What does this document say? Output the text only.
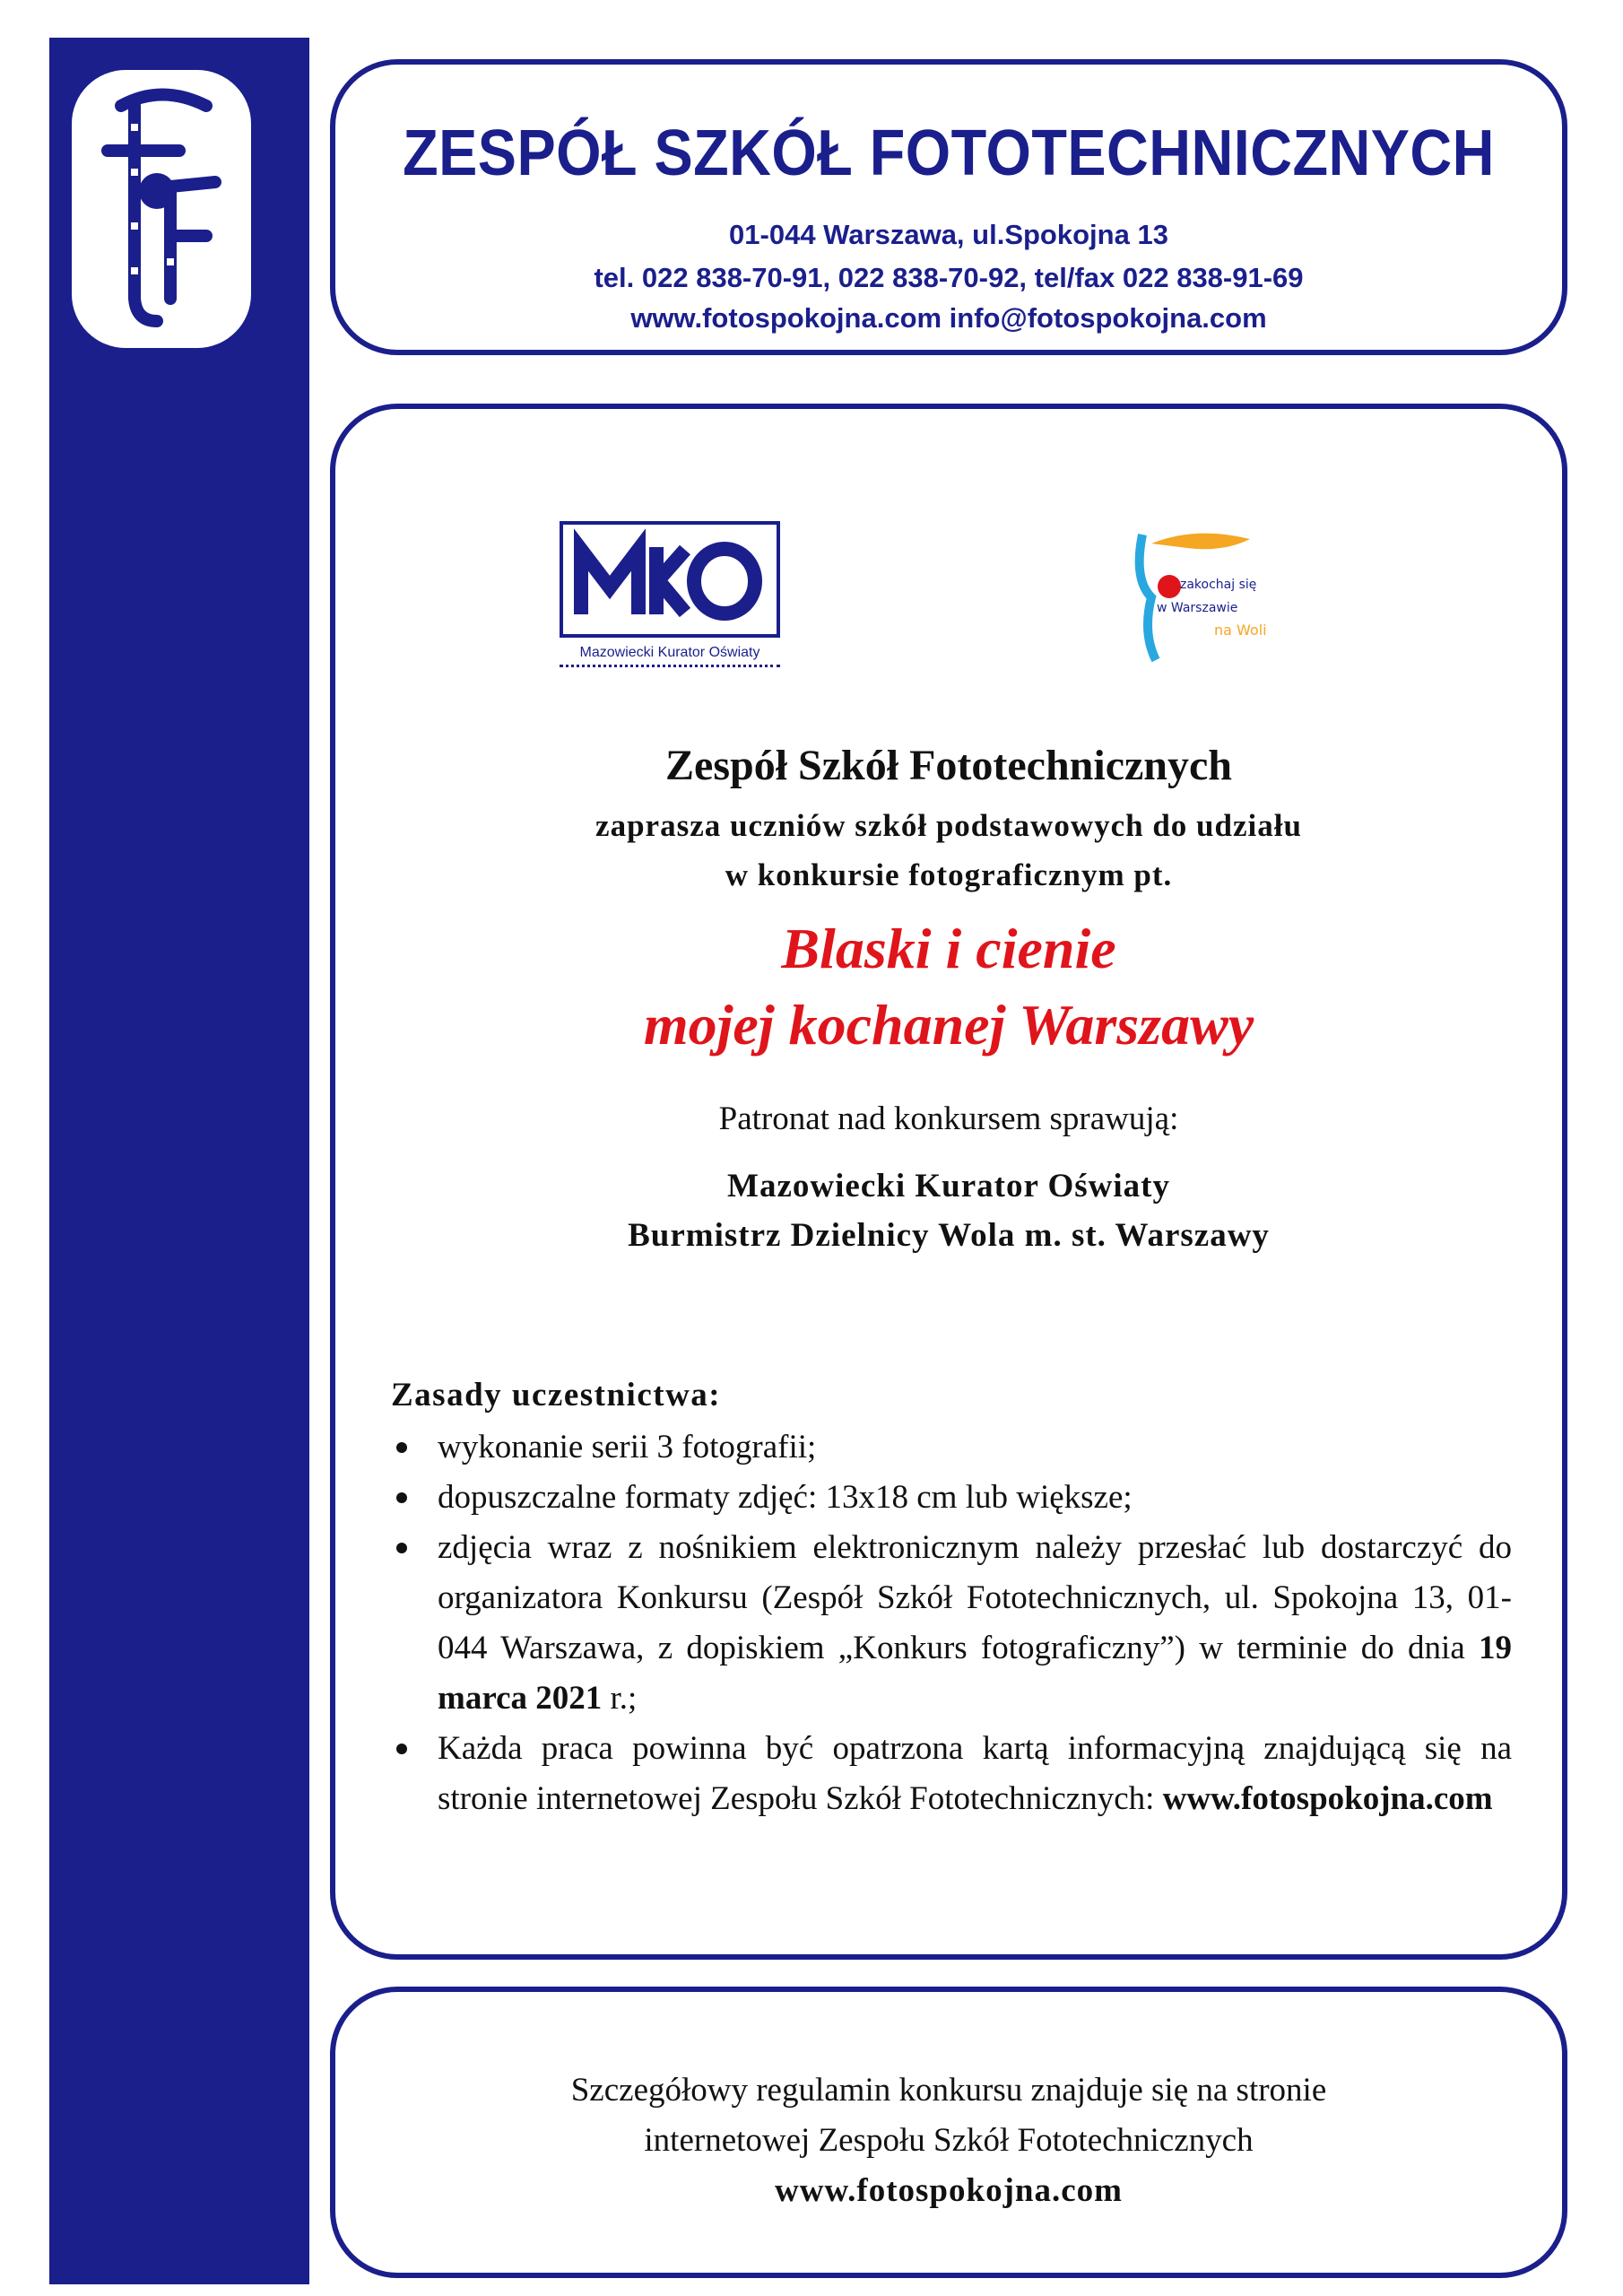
ZESPÓŁ SZKÓŁ FOTOTECHNICZNYCH
01-044 Warszawa, ul.Spokojna 13
tel. 022 838-70-91, 022 838-70-92, tel/fax 022 838-91-69
www.fotospokojna.com info@fotospokojna.com
Mazowiecki Kurator Oświaty
zakochaj się
w Warszawie
na Woli
Zespół Szkół Fototechnicznych
zaprasza uczniów szkół podstawowych do udziału
w konkursie fotograficznym pt.
Blaski i cienie
mojej kochanej Warszawy
Patronat nad konkursem sprawują:
Mazowiecki Kurator Oświaty
Burmistrz Dzielnicy Wola m. st. Warszawy
Zasady uczestnictwa:
wykonanie serii 3 fotografii;
dopuszczalne formaty zdjęć: 13x18 cm lub większe;
zdjęcia wraz z nośnikiem elektronicznym należy przesłać lub dostarczyć do organizatora Konkursu (Zespół Szkół Fototechnicznych, ul. Spokojna 13, 01-044 Warszawa, z dopiskiem „Konkurs fotograficzny”) w terminie do dnia 19 marca 2021 r.;
Każda praca powinna być opatrzona kartą informacyjną znajdującą się na stronie internetowej Zespołu Szkół Fototechnicznych: www.fotospokojna.com
Szczegółowy regulamin konkursu znajduje się na stronie
internetowej Zespołu Szkół Fototechnicznych
www.fotospokojna.com
